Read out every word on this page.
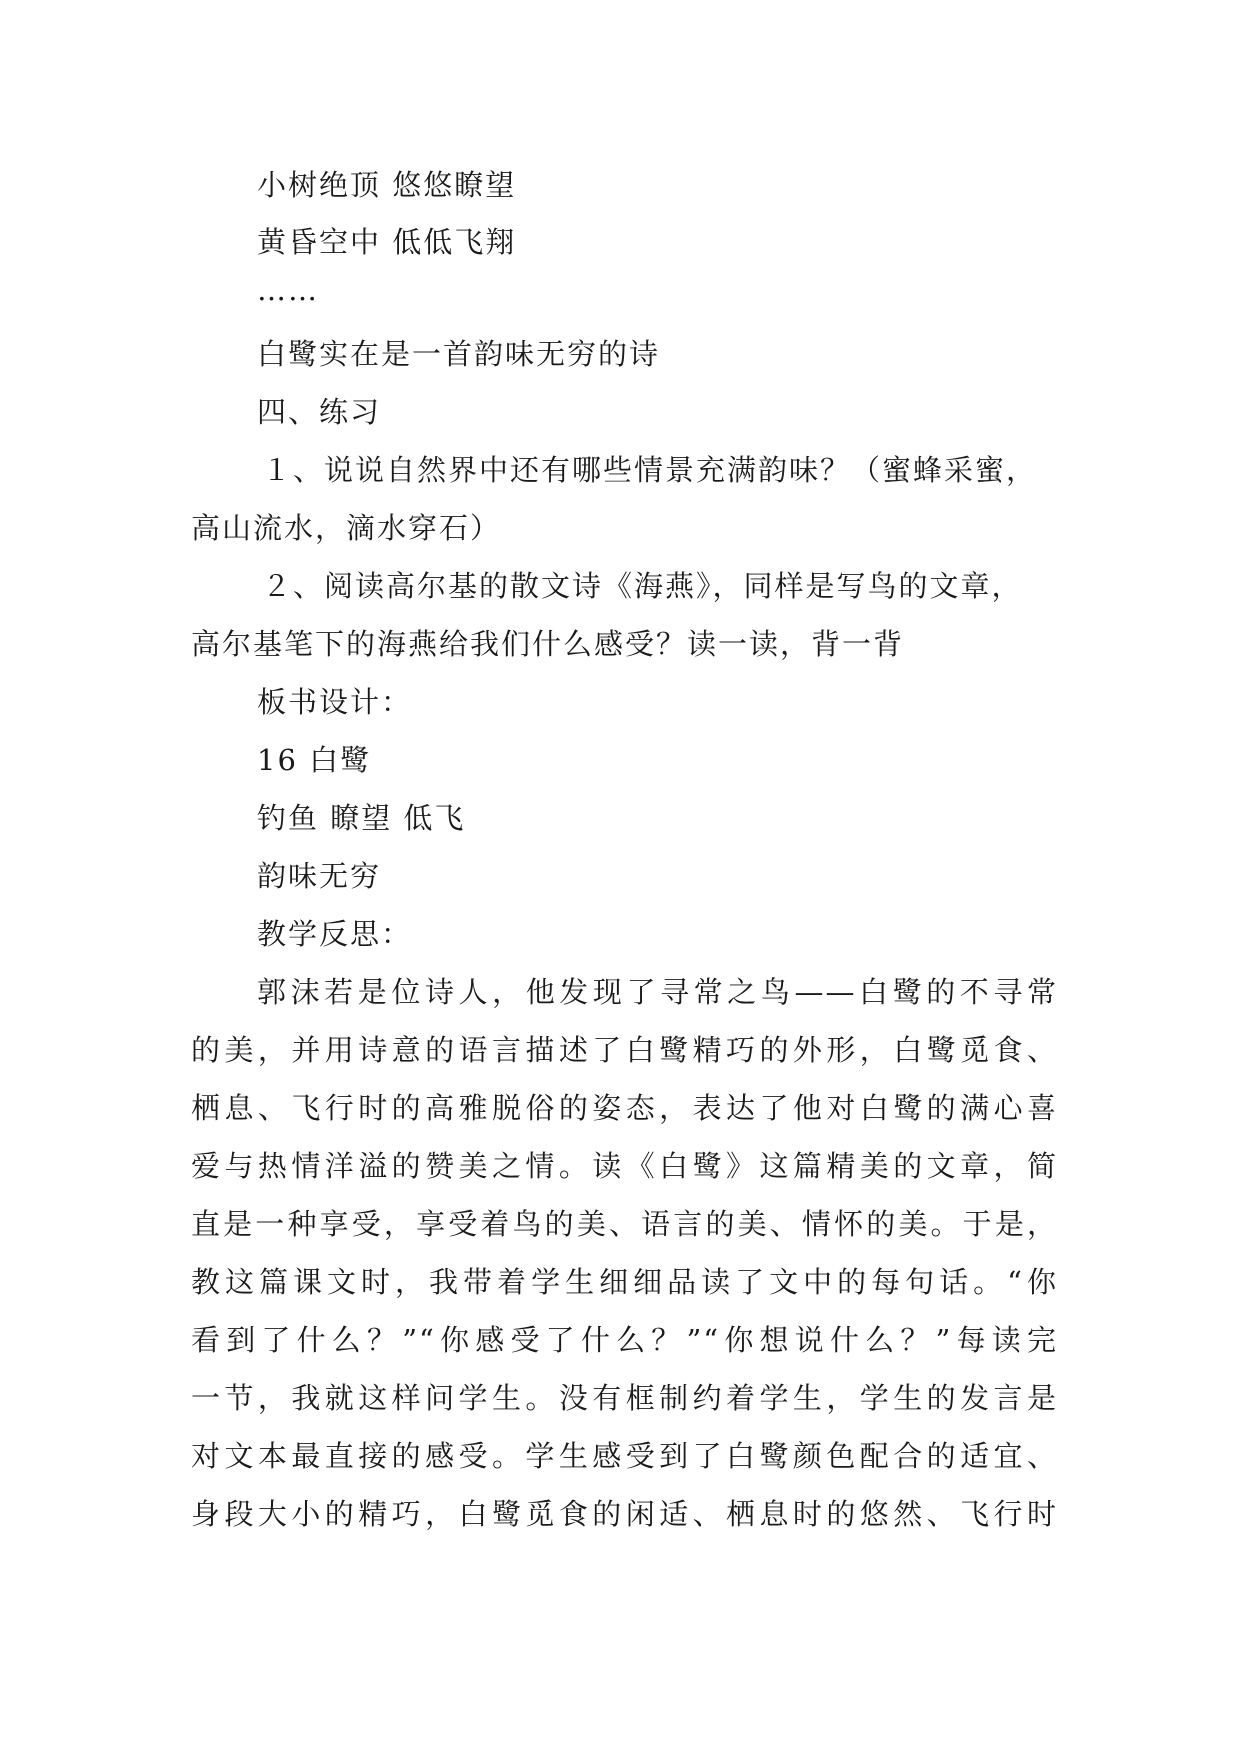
小树绝顶 悠悠瞭望
黄昏空中 低低飞翔
……
白鹭实在是一首韵味无穷的诗
四、练习
１、说说自然界中还有哪些情景充满韵味？（蜜蜂采蜜，
高山流水，滴水穿石）
２、阅读高尔基的散文诗《海燕》，同样是写鸟的文章，
高尔基笔下的海燕给我们什么感受？读一读，背一背
板书设计：
16 白鹭
钓鱼 瞭望 低飞
韵味无穷
教学反思：
郭沫若是位诗人，他发现了寻常之鸟——白鹭的不寻常
的美，并用诗意的语言描述了白鹭精巧的外形，白鹭觅食、
栖息、飞行时的高雅脱俗的姿态，表达了他对白鹭的满心喜
爱与热情洋溢的赞美之情。读《白鹭》这篇精美的文章，简
直是一种享受，享受着鸟的美、语言的美、情怀的美。于是，
教这篇课文时，我带着学生细细品读了文中的每句话。“你
看到了什么？”“你感受了什么？”“你想说什么？”每读完
一节，我就这样问学生。没有框制约着学生，学生的发言是
对文本最直接的感受。学生感受到了白鹭颜色配合的适宜、
身段大小的精巧，白鹭觅食的闲适、栖息时的悠然、飞行时
